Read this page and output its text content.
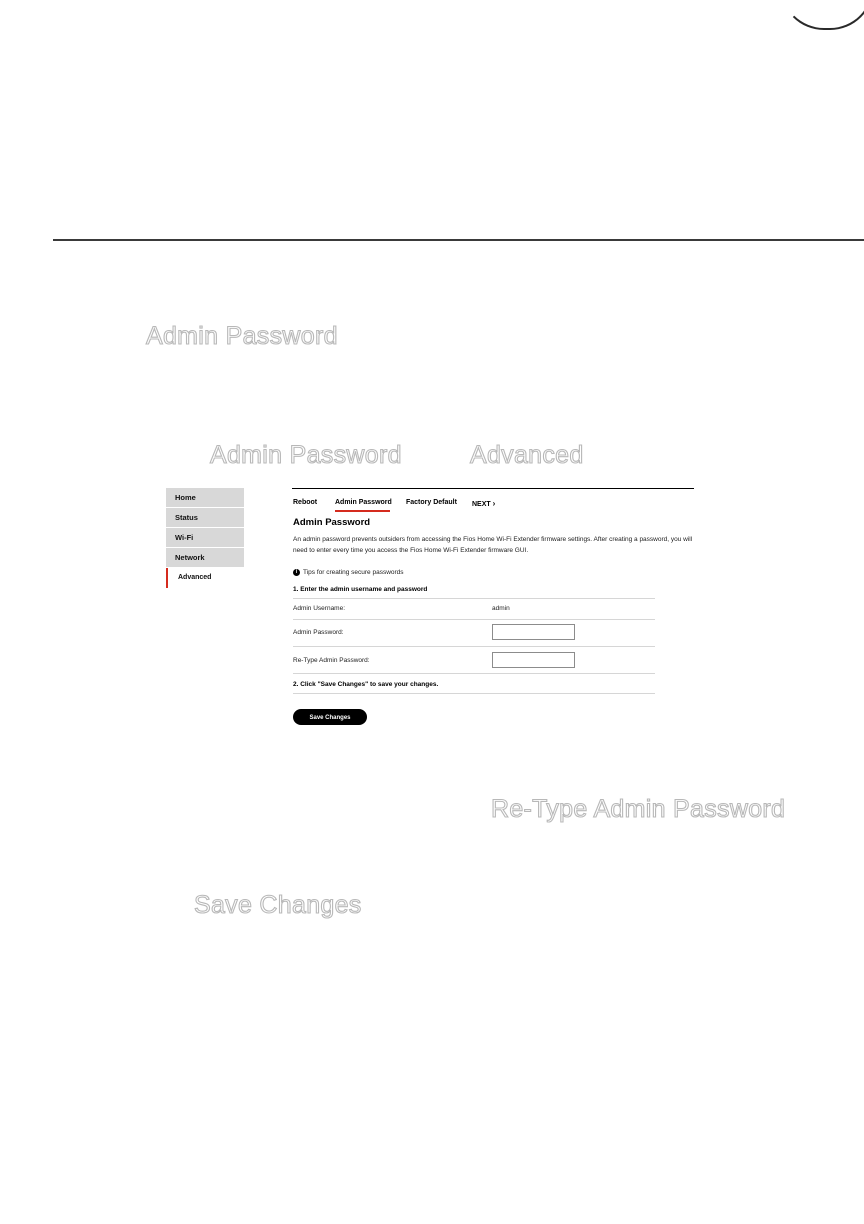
Admin Password
Admin Password	Advanced
Re-Type Admin Password
Save Changes
Home
Status
Wi-Fi
Network
Advanced
Reboot	Admin Password Factory Default NEXT ›
Admin Password
An admin password prevents outsiders from accessing the Fios Home Wi-Fi Extender firmware settings. After creating a password, you will need to enter every time you access the Fios Home Wi-Fi Extender firmware GUI.
i Tips for creating secure passwords
1. Enter the admin username and password
Admin Username:	admin
Admin Password:
Re-Type Admin Password:
2. Click "Save Changes" to save your changes.
Save Changes
